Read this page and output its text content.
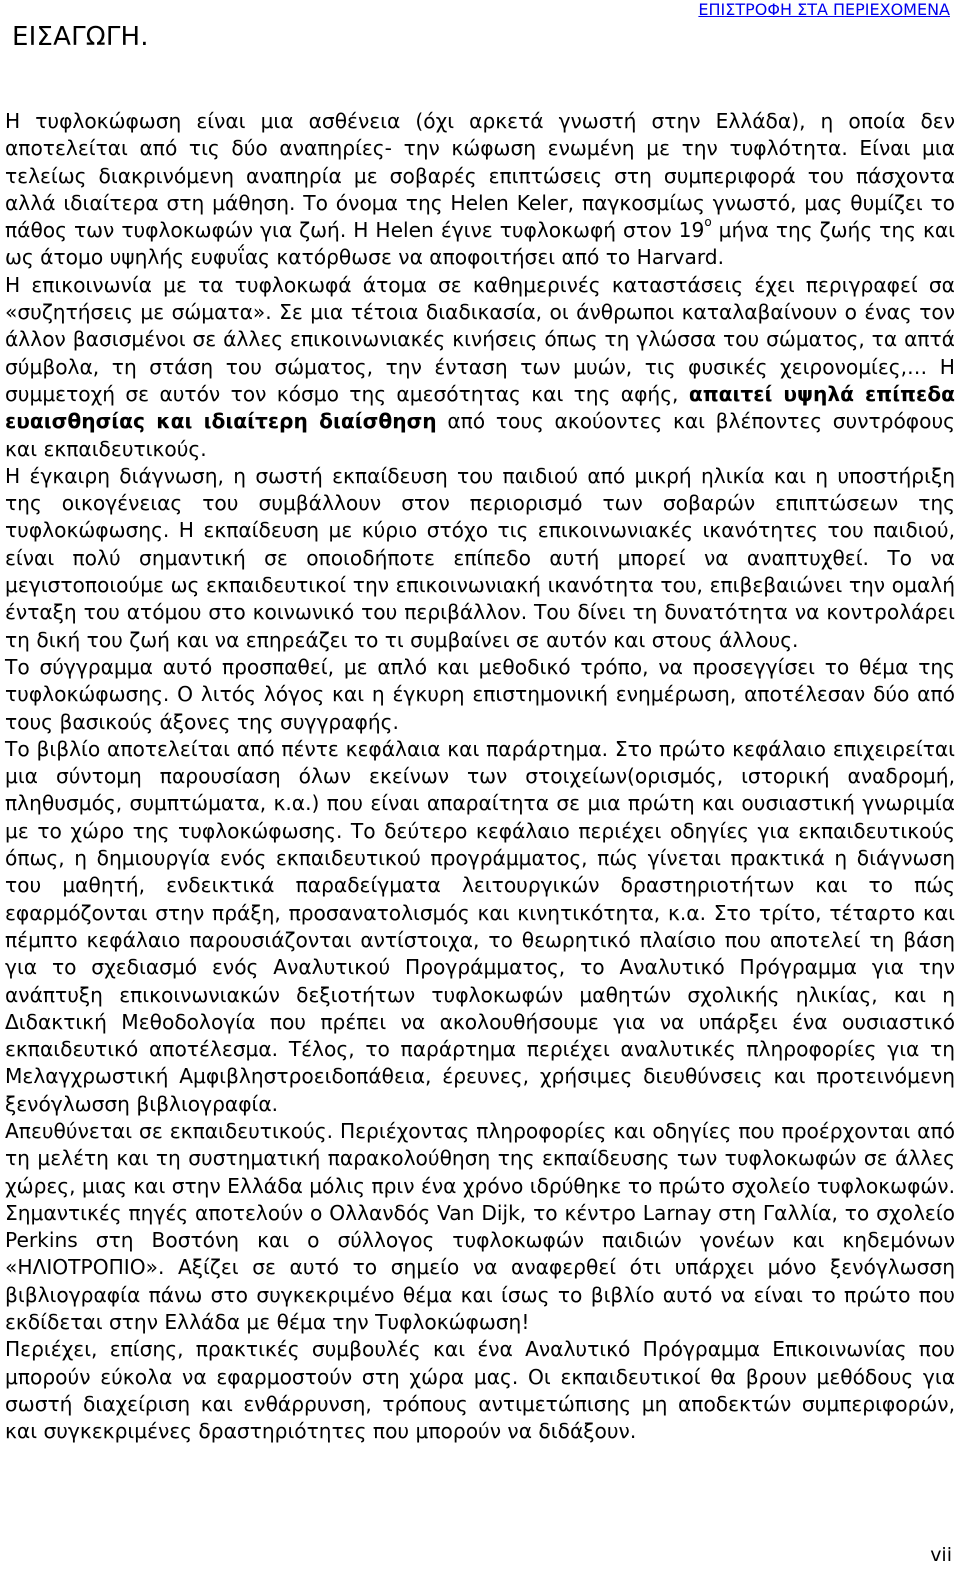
ΕΙΣΑΓΩΓΗ.
ΕΠΙΣΤΡΟΦΗ ΣΤΑ ΠΕΡΙΕΧΟΜΕΝΑ

Η τυφλοκώφωση είναι μια ασθένεια (όχι αρκετά γνωστή στην Ελλάδα), η οποία δεν αποτελείται από τις δύο αναπηρίες- την κώφωση ενωμένη με την τυφλότητα. Είναι μια τελείως διακρινόμενη αναπηρία με σοβαρές επιπτώσεις στη συμπεριφορά του πάσχοντα αλλά ιδιαίτερα στη μάθηση. Το όνομα της Helen Keler, παγκοσμίως γνωστό, μας θυμίζει το πάθος των τυφλοκωφών για ζωή. Η Helen έγινε τυφλοκωφή στον $19^o$ μήνα της ζωής της και ως άτομο υψηλής ευφυΐας κατόρθωσε να αποφοιτήσει από το Harvard.

Η επικοινωνία με τα τυφλοκωφά άτομα σε καθημερινές καταστάσεις έχει περιγραφεί σα «συζητήσεις με σώματα». Σε μια τέτοια διαδικασία, οι άνθρωποι καταλαβαίνουν ο ένας τον άλλον βασισμένοι σε άλλες επικοινωνιακές κινήσεις όπως τη γλώσσα του σώματος, τα απτά σύμβολα, τη στάση του σώματος, την ένταση των μυών, τις φυσικές χειρονομίες,… Η συμμετοχή σε αυτόν τον κόσμο της αμεσότητας και της αφής, απαιτεί υψηλά επίπεδα ευαισθησίας και ιδιαίτερη διαίσθηση από τους ακούοντες και βλέποντες συντρόφους και εκπαιδευτικούς.

Η έγκαιρη διάγνωση, η σωστή εκπαίδευση του παιδιού από μικρή ηλικία και η υποστήριξη της οικογένειας του συμβάλλουν στον περιορισμό των σοβαρών επιπτώσεων της τυφλοκώφωσης. Η εκπαίδευση με κύριο στόχο τις επικοινωνιακές ικανότητες του παιδιού, είναι πολύ σημαντική σε οποιοδήποτε επίπεδο αυτή μπορεί να αναπτυχθεί. Το να μεγιστοποιούμε ως εκπαιδευτικοί την επικοινωνιακή ικανότητα του, επιβεβαιώνει την ομαλή ένταξη του ατόμου στο κοινωνικό του περιβάλλον. Του δίνει τη δυνατότητα να κοντρολάρει τη δική του ζωή και να επηρεάζει το τι συμβαίνει σε αυτόν και στους άλλους.

Το σύγγραμμα αυτό προσπαθεί, με απλό και μεθοδικό τρόπο, να προσεγγίσει το θέμα της τυφλοκώφωσης. Ο λιτός λόγος και η έγκυρη επιστημονική ενημέρωση, αποτέλεσαν δύο από τους βασικούς άξονες της συγγραφής.

Το βιβλίο αποτελείται από πέντε κεφάλαια και παράρτημα. Στο πρώτο κεφάλαιο επιχειρείται μια σύντομη παρουσίαση όλων εκείνων των στοιχείων(ορισμός, ιστορική αναδρομή, πληθυσμός, συμπτώματα, κ.α.) που είναι απαραίτητα σε μια πρώτη και ουσιαστική γνωριμία με το χώρο της τυφλοκώφωσης. Το δεύτερο κεφάλαιο περιέχει οδηγίες για εκπαιδευτικούς όπως, η δημιουργία ενός εκπαιδευτικού προγράμματος, πώς γίνεται πρακτικά η διάγνωση του μαθητή, ενδεικτικά παραδείγματα λειτουργικών δραστηριοτήτων και το πώς εφαρμόζονται στην πράξη, προσανατολισμός και κινητικότητα, κ.α. Στο τρίτο, τέταρτο και πέμπτο κεφάλαιο παρουσιάζονται αντίστοιχα, το θεωρητικό πλαίσιο που αποτελεί τη βάση για το σχεδιασμό ενός Αναλυτικού Προγράμματος, το Αναλυτικό Πρόγραμμα για την ανάπτυξη επικοινωνιακών δεξιοτήτων τυφλοκωφών μαθητών σχολικής ηλικίας, και η Διδακτική Μεθοδολογία που πρέπει να ακολουθήσουμε για να υπάρξει ένα ουσιαστικό εκπαιδευτικό αποτέλεσμα. Τέλος, το παράρτημα περιέχει αναλυτικές πληροφορίες για τη Μελαγχρωστική Αμφιβληστροειδοπάθεια, έρευνες, χρήσιμες διευθύνσεις και προτεινόμενη ξενόγλωσση βιβλιογραφία.

Απευθύνεται σε εκπαιδευτικούς. Περιέχοντας πληροφορίες και οδηγίες που προέρχονται από τη μελέτη και τη συστηματική παρακολούθηση της εκπαίδευσης των τυφλοκωφών σε άλλες χώρες, μιας και στην Ελλάδα μόλις πριν ένα χρόνο ιδρύθηκε το πρώτο σχολείο τυφλοκωφών. Σημαντικές πηγές αποτελούν ο Ολλανδός Van Dijk, το κέντρο Larnay στη Γαλλία, το σχολείο Perkins στη Βοστόνη και ο σύλλογος τυφλοκωφών παιδιών γονέων και κηδεμόνων «ΗΛΙΟΤΡΟΠΙΟ». Αξίζει σε αυτό το σημείο να αναφερθεί ότι υπάρχει μόνο ξενόγλωσση βιβλιογραφία πάνω στο συγκεκριμένο θέμα και ίσως το βιβλίο αυτό να είναι το πρώτο που εκδίδεται στην Ελλάδα με θέμα την Τυφλοκώφωση!

Περιέχει, επίσης, πρακτικές συμβουλές και ένα Αναλυτικό Πρόγραμμα Επικοινωνίας που μπορούν εύκολα να εφαρμοστούν στη χώρα μας. Οι εκπαιδευτικοί θα βρουν μεθόδους για σωστή διαχείριση και ενθάρρυνση, τρόπους αντιμετώπισης μη αποδεκτών συμπεριφορών, και συγκεκριμένες δραστηριότητες που μπορούν να διδάξουν.

vii
